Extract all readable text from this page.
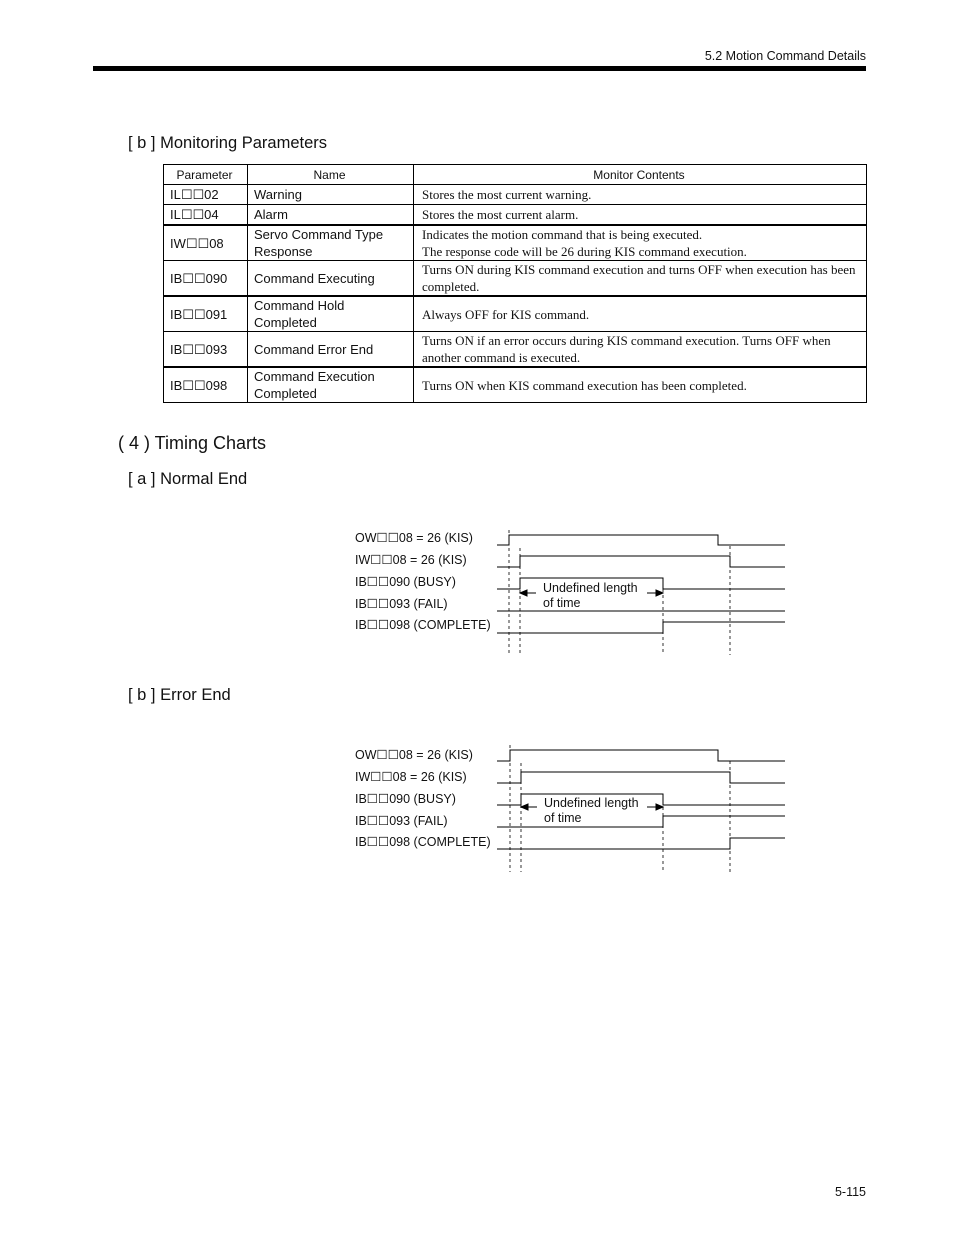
5.2 Motion Command Details
[ b ] Monitoring Parameters
Parameter	Name	Monitor Contents
IL☐☐02	Warning	Stores the most current warning.
IL☐☐04	Alarm	Stores the most current alarm.
IW☐☐08	Servo Command Type Response	Indicates the motion command that is being executed.
The response code will be 26 during KIS command execution.
IB☐☐090	Command Executing	Turns ON during KIS command execution and turns OFF when execution has been completed.
IB☐☐091	Command Hold Completed	Always OFF for KIS command.
IB☐☐093	Command Error End	Turns ON if an error occurs during KIS command execution. Turns OFF when another command is executed.
IB☐☐098	Command Execution Completed	Turns ON when KIS command execution has been completed.
( 4 ) Timing Charts
[ a ] Normal End
OW☐☐08 = 26 (KIS)
IW☐☐08 = 26 (KIS)
IB☐☐090 (BUSY)
IB☐☐093 (FAIL)
IB☐☐098 (COMPLETE)
Undefined length
of time
[ b ] Error End
OW☐☐08 = 26 (KIS)
IW☐☐08 = 26 (KIS)
IB☐☐090 (BUSY)
IB☐☐093 (FAIL)
IB☐☐098 (COMPLETE)
Undefined length
of time
5-115
